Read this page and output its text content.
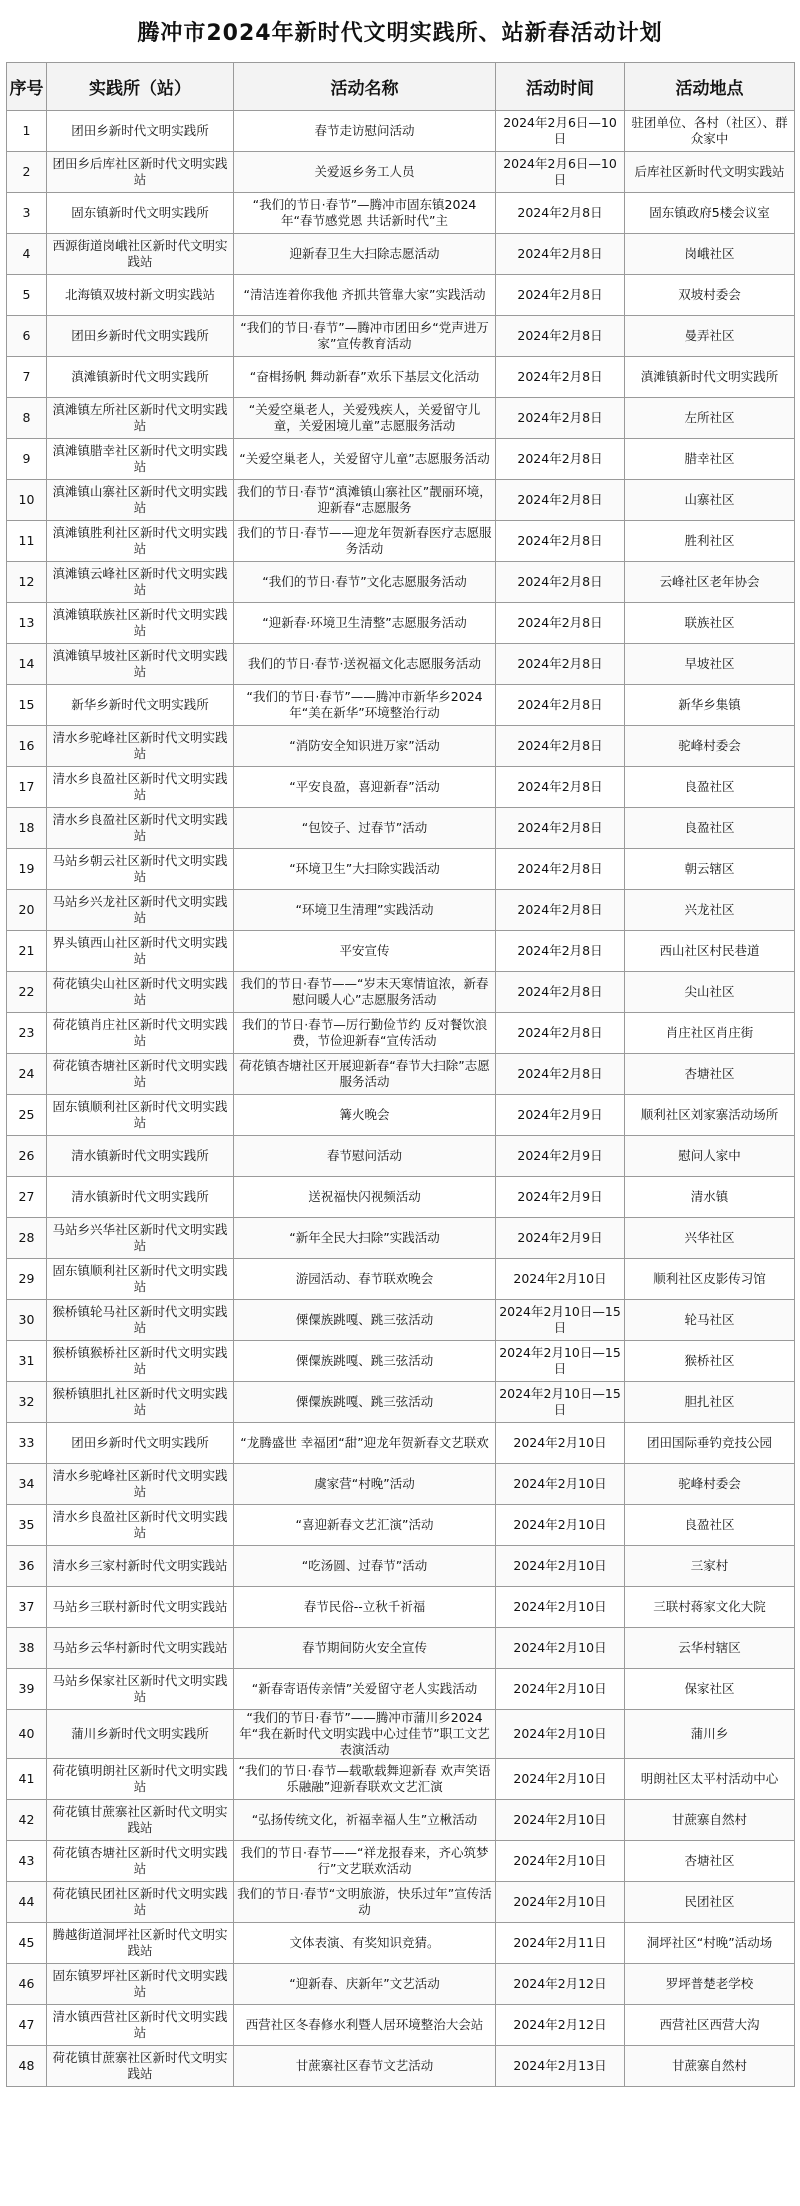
腾冲市2024年新时代文明实践所、站新春活动计划
序号	实践所（站）	活动名称	活动时间	活动地点
1	团田乡新时代文明实践所	春节走访慰问活动	2024年2月6日—10日	驻团单位、各村（社区）、群众家中
2	团田乡后库社区新时代文明实践站	关爱返乡务工人员	2024年2月6日—10日	后库社区新时代文明实践站
3	固东镇新时代文明实践所	“我们的节日·春节”—腾冲市固东镇2024年“春节感党恩 共话新时代”主	2024年2月8日	固东镇政府5楼会议室
4	西源街道岗峨社区新时代文明实践站	迎新春卫生大扫除志愿活动	2024年2月8日	岗峨社区
5	北海镇双坡村新文明实践站	“清洁连着你我他 齐抓共管靠大家”实践活动	2024年2月8日	双坡村委会
6	团田乡新时代文明实践所	“我们的节日·春节”—腾冲市团田乡“党声进万家”宣传教育活动	2024年2月8日	曼弄社区
7	滇滩镇新时代文明实践所	“奋楫扬帆 舞动新春”欢乐下基层文化活动	2024年2月8日	滇滩镇新时代文明实践所
8	滇滩镇左所社区新时代文明实践站	“关爱空巢老人，关爱残疾人，关爱留守儿童，关爱困境儿童”志愿服务活动	2024年2月8日	左所社区
9	滇滩镇腊幸社区新时代文明实践站	“关爱空巢老人，关爱留守儿童”志愿服务活动	2024年2月8日	腊幸社区
10	滇滩镇山寨社区新时代文明实践站	我们的节日·春节“滇滩镇山寨社区”靓丽环境，迎新春“志愿服务	2024年2月8日	山寨社区
11	滇滩镇胜利社区新时代文明实践站	我们的节日·春节——迎龙年贺新春医疗志愿服务活动	2024年2月8日	胜利社区
12	滇滩镇云峰社区新时代文明实践站	“我们的节日·春节”文化志愿服务活动	2024年2月8日	云峰社区老年协会
13	滇滩镇联族社区新时代文明实践站	“迎新春·环境卫生清整”志愿服务活动	2024年2月8日	联族社区
14	滇滩镇早坡社区新时代文明实践站	我们的节日·春节·送祝福文化志愿服务活动	2024年2月8日	早坡社区
15	新华乡新时代文明实践所	“我们的节日·春节”——腾冲市新华乡2024年“美在新华”环境整治行动	2024年2月8日	新华乡集镇
16	清水乡驼峰社区新时代文明实践站	“消防安全知识进万家”活动	2024年2月8日	驼峰村委会
17	清水乡良盈社区新时代文明实践站	“平安良盈，喜迎新春”活动	2024年2月8日	良盈社区
18	清水乡良盈社区新时代文明实践站	“包饺子、过春节”活动	2024年2月8日	良盈社区
19	马站乡朝云社区新时代文明实践站	“环境卫生”大扫除实践活动	2024年2月8日	朝云辖区
20	马站乡兴龙社区新时代文明实践站	“环境卫生清理”实践活动	2024年2月8日	兴龙社区
21	界头镇西山社区新时代文明实践站	平安宣传	2024年2月8日	西山社区村民巷道
22	荷花镇尖山社区新时代文明实践站	我们的节日·春节——“岁末天寒情谊浓，新春慰问暖人心”志愿服务活动	2024年2月8日	尖山社区
23	荷花镇肖庄社区新时代文明实践站	我们的节日·春节—厉行勤俭节约 反对餐饮浪费，节俭迎新春“宣传活动	2024年2月8日	肖庄社区肖庄街
24	荷花镇杏塘社区新时代文明实践站	荷花镇杏塘社区开展迎新春“春节大扫除”志愿服务活动	2024年2月8日	杏塘社区
25	固东镇顺利社区新时代文明实践站	篝火晚会	2024年2月9日	顺利社区刘家寨活动场所
26	清水镇新时代文明实践所	春节慰问活动	2024年2月9日	慰问人家中
27	清水镇新时代文明实践所	送祝福快闪视频活动	2024年2月9日	清水镇
28	马站乡兴华社区新时代文明实践站	“新年全民大扫除”实践活动	2024年2月9日	兴华社区
29	固东镇顺利社区新时代文明实践站	游园活动、春节联欢晚会	2024年2月10日	顺利社区皮影传习馆
30	猴桥镇轮马社区新时代文明实践站	傈僳族跳嘎、跳三弦活动	2024年2月10日—15日	轮马社区
31	猴桥镇猴桥社区新时代文明实践站	傈僳族跳嘎、跳三弦活动	2024年2月10日—15日	猴桥社区
32	猴桥镇胆扎社区新时代文明实践站	傈僳族跳嘎、跳三弦活动	2024年2月10日—15日	胆扎社区
33	团田乡新时代文明实践所	“龙腾盛世 幸福团“甜”迎龙年贺新春文艺联欢	2024年2月10日	团田国际垂钓竞技公园
34	清水乡驼峰社区新时代文明实践站	虞家营“村晚”活动	2024年2月10日	驼峰村委会
35	清水乡良盈社区新时代文明实践站	“喜迎新春文艺汇演”活动	2024年2月10日	良盈社区
36	清水乡三家村新时代文明实践站	“吃汤圆、过春节”活动	2024年2月10日	三家村
37	马站乡三联村新时代文明实践站	春节民俗--立秋千祈福	2024年2月10日	三联村蒋家文化大院
38	马站乡云华村新时代文明实践站	春节期间防火安全宣传	2024年2月10日	云华村辖区
39	马站乡保家社区新时代文明实践站	“新春寄语传亲情”关爱留守老人实践活动	2024年2月10日	保家社区
40	蒲川乡新时代文明实践所	“我们的节日·春节”——腾冲市蒲川乡2024年“我在新时代文明实践中心过佳节”职工文艺表演活动	2024年2月10日	蒲川乡
41	荷花镇明朗社区新时代文明实践站	“我们的节日·春节—载歌载舞迎新春 欢声笑语乐融融”迎新春联欢文艺汇演	2024年2月10日	明朗社区太平村活动中心
42	荷花镇甘蔗寨社区新时代文明实践站	“弘扬传统文化，祈福幸福人生”立楸活动	2024年2月10日	甘蔗寨自然村
43	荷花镇杏塘社区新时代文明实践站	我们的节日·春节——“祥龙报春来，齐心筑梦行”文艺联欢活动	2024年2月10日	杏塘社区
44	荷花镇民团社区新时代文明实践站	我们的节日·春节“文明旅游，快乐过年”宣传活动	2024年2月10日	民团社区
45	腾越街道洞坪社区新时代文明实践站	文体表演、有奖知识竞猜。	2024年2月11日	洞坪社区“村晚”活动场
46	固东镇罗坪社区新时代文明实践站	“迎新春、庆新年”文艺活动	2024年2月12日	罗坪普楚老学校
47	清水镇西营社区新时代文明实践站	西营社区冬春修水利暨人居环境整治大会站	2024年2月12日	西营社区西营大沟
48	荷花镇甘蔗寨社区新时代文明实践站	甘蔗寨社区春节文艺活动	2024年2月13日	甘蔗寨自然村
